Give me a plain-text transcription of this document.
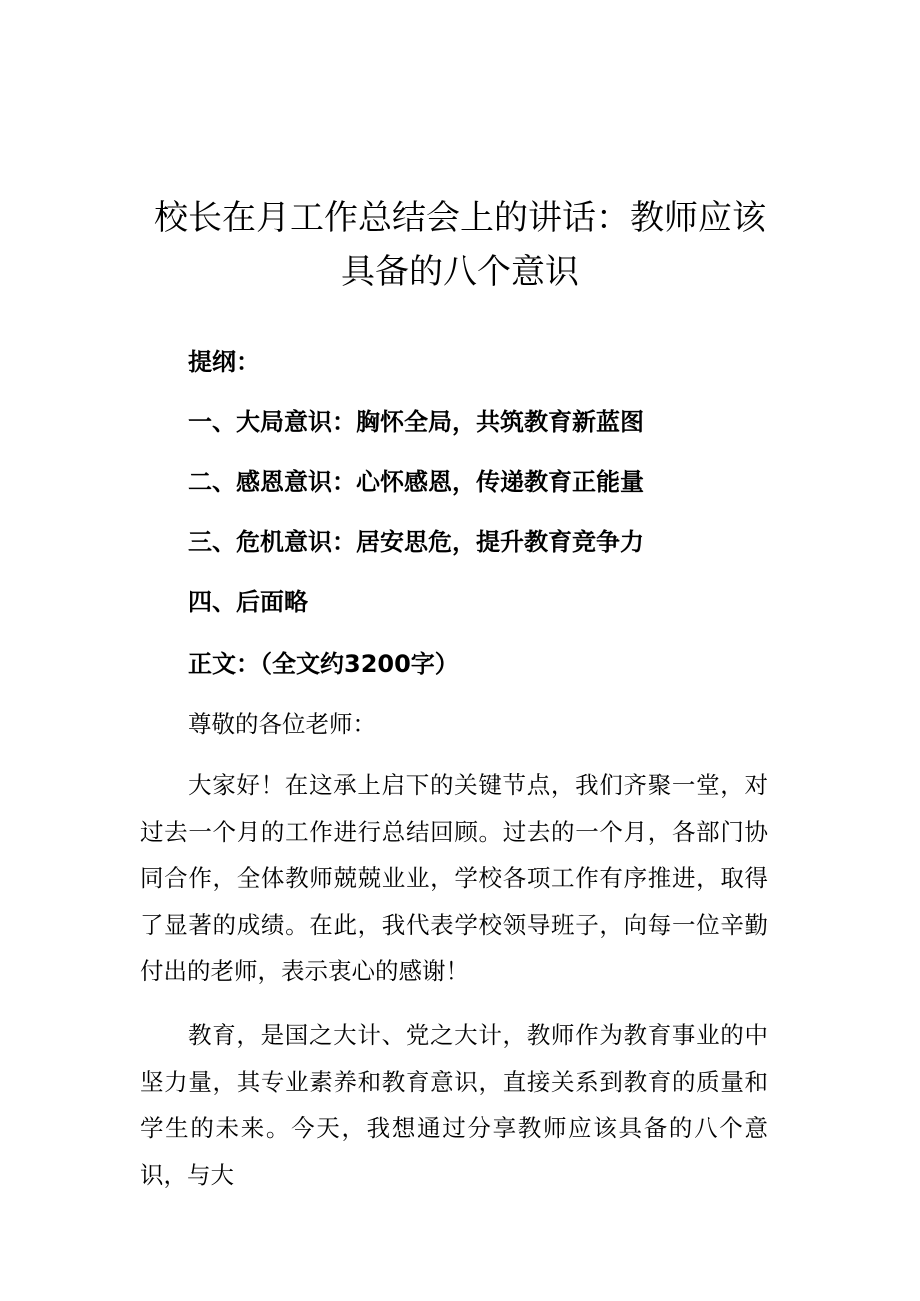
校长在月工作总结会上的讲话：教师应该
具备的八个意识
提纲：
一、大局意识：胸怀全局，共筑教育新蓝图
二、感恩意识：心怀感恩，传递教育正能量
三、危机意识：居安思危，提升教育竞争力
四、后面略
正文：（全文约3200字）
尊敬的各位老师：

大家好！在这承上启下的关键节点，我们齐聚一堂，对过去一个月的工作进行总结回顾。过去的一个月，各部门协同合作，全体教师兢兢业业，学校各项工作有序推进，取得了显著的成绩。在此，我代表学校领导班子，向每一位辛勤付出的老师，表示衷心的感谢！

教育，是国之大计、党之大计，教师作为教育事业的中坚力量，其专业素养和教育意识，直接关系到教育的质量和学生的未来。今天，我想通过分享教师应该具备的八个意识，与大
